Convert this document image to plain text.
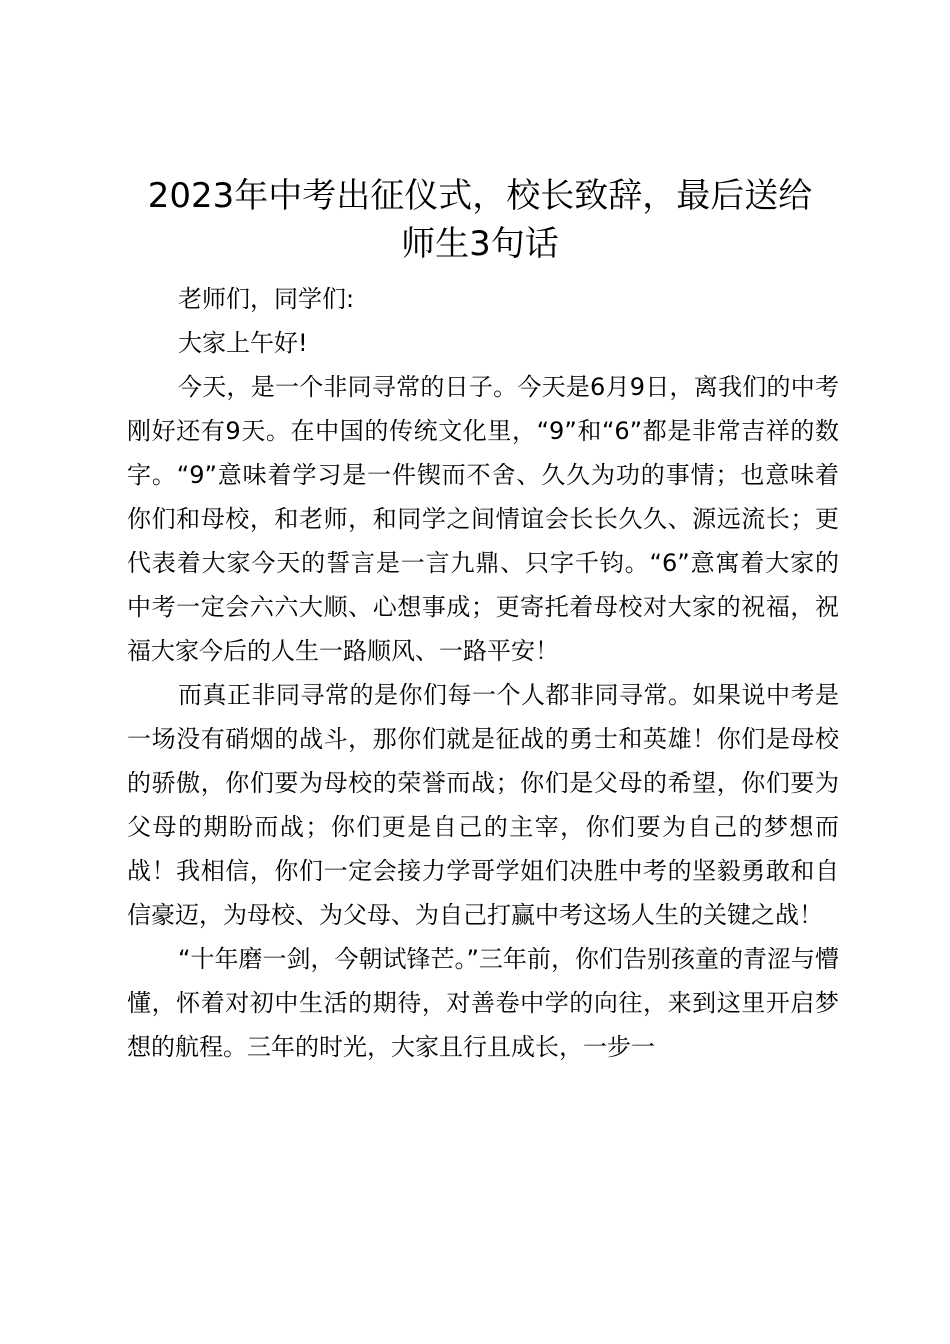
2023年中考出征仪式，校长致辞，最后送给
师生3句话

老师们，同学们:

大家上午好!

今天，是一个非同寻常的日子。今天是6月9日，离我们的中考刚好还有9天。在中国的传统文化里，“9”和“6”都是非常吉祥的数字。“9”意味着学习是一件锲而不舍、久久为功的事情；也意味着你们和母校，和老师，和同学之间情谊会长长久久、源远流长；更代表着大家今天的誓言是一言九鼎、只字千钧。“6”意寓着大家的中考一定会六六大顺、心想事成；更寄托着母校对大家的祝福，祝福大家今后的人生一路顺风、一路平安！

而真正非同寻常的是你们每一个人都非同寻常。如果说中考是一场没有硝烟的战斗，那你们就是征战的勇士和英雄！你们是母校的骄傲，你们要为母校的荣誉而战；你们是父母的希望，你们要为父母的期盼而战；你们更是自己的主宰，你们要为自己的梦想而战！我相信，你们一定会接力学哥学姐们决胜中考的坚毅勇敢和自信豪迈，为母校、为父母、为自己打赢中考这场人生的关键之战！

“十年磨一剑，今朝试锋芒。”三年前，你们告别孩童的青涩与懵懂，怀着对初中生活的期待，对善卷中学的向往，来到这里开启梦想的航程。三年的时光，大家且行且成长，一步一
